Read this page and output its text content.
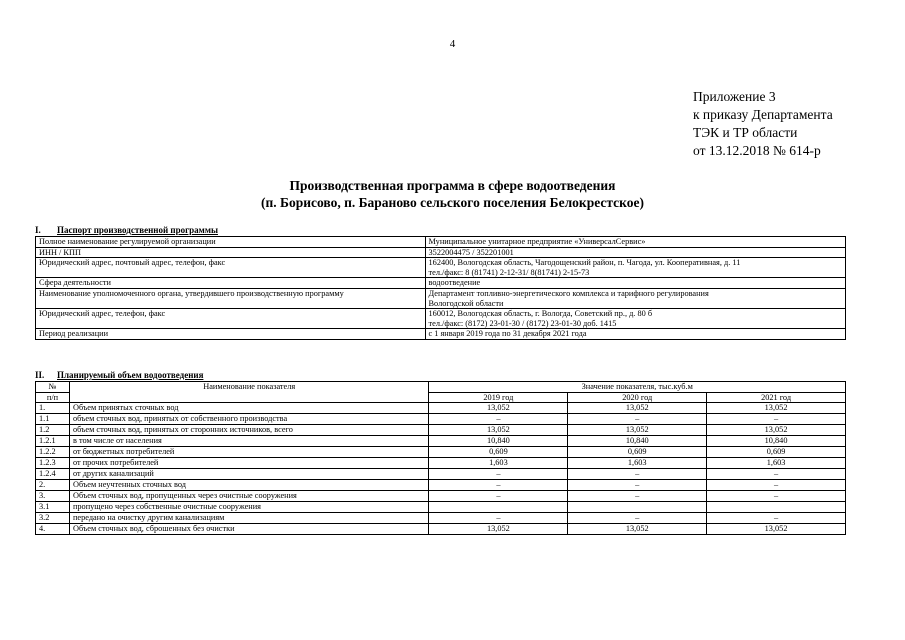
4
Приложение 3
к приказу Департамента
ТЭК и ТР области
от 13.12.2018 № 614-р
Производственная программа в сфере водоотведения
(п. Борисово, п. Бараново сельского поселения Белокрестское)
I. Паспорт производственной программы
Полное наименование регулируемой организации	Муниципальное унитарное предприятие «УниверсалСервис»

ИНН / КПП	3522004475 / 352201001

Юридический адрес, почтовый адрес, телефон, факс	162400, Вологодская область, Чагодощенский район, п. Чагода, ул. Кооперативная, д. 11
тел./факс: 8 (81741) 2-12-31/ 8(81741) 2-15-73

Сфера деятельности	водоотведение

Наименование уполномоченного органа, утвердившего производственную программу	Департамент топливно-энергетического комплекса и тарифного регулирования
Вологодской области

Юридический адрес, телефон, факс	160012, Вологодская область, г. Вологда, Советский пр., д. 80 б
тел./факс: (8172) 23-01-30 / (8172) 23-01-30 доб. 1415

Период реализации	с 1 января 2019 года по 31 декабря 2021 года
II. Планируемый объем водоотведения
№	Наименование показателя	Значение показателя, тыс.куб.м		
п/п		2019 год	2020 год	2021 год
1.	Объем принятых сточных вод	13,052	13,052	13,052
1.1	объем сточных вод, принятых от собственного производства	–	–	–
1.2	объем сточных вод, принятых от сторонних источников, всего	13,052	13,052	13,052
1.2.1	в том числе от населения	10,840	10,840	10,840
1.2.2	от бюджетных потребителей	0,609	0,609	0,609
1.2.3	от прочих потребителей	1,603	1,603	1,603
1.2.4	от других канализаций	–	–	–
2.	Объем неучтенных сточных вод	–	–	–
3.	Объем сточных вод, пропущенных через очистные сооружения	–	–	–
3.1	пропущено через собственные очистные сооружения			
3.2	передано на очистку другим канализациям	–	–	–
4.	Объем сточных вод, сброшенных без очистки	13,052	13,052	13,052
